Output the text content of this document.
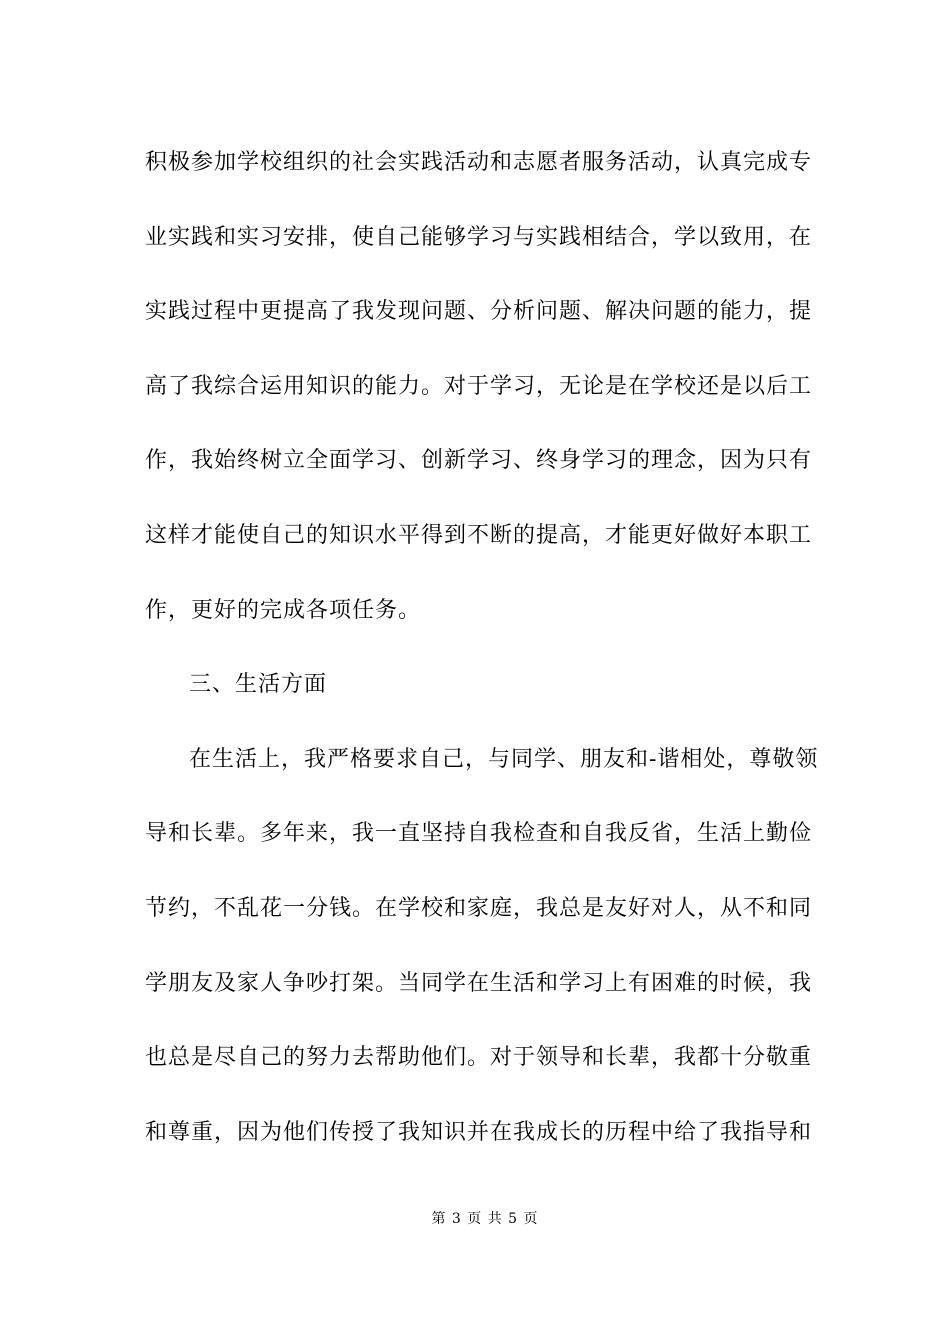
积极参加学校组织的社会实践活动和志愿者服务活动，认真完成专
业实践和实习安排，使自己能够学习与实践相结合，学以致用，在
实践过程中更提高了我发现问题、分析问题、解决问题的能力，提
高了我综合运用知识的能力。对于学习，无论是在学校还是以后工
作，我始终树立全面学习、创新学习、终身学习的理念，因为只有
这样才能使自己的知识水平得到不断的提高，才能更好做好本职工
作，更好的完成各项任务。
三、生活方面
在生活上，我严格要求自己，与同学、朋友和-谐相处，尊敬领
导和长辈。多年来，我一直坚持自我检查和自我反省，生活上勤俭
节约，不乱花一分钱。在学校和家庭，我总是友好对人，从不和同
学朋友及家人争吵打架。当同学在生活和学习上有困难的时候，我
也总是尽自己的努力去帮助他们。对于领导和长辈，我都十分敬重
和尊重，因为他们传授了我知识并在我成长的历程中给了我指导和
第 3 页 共 5 页
